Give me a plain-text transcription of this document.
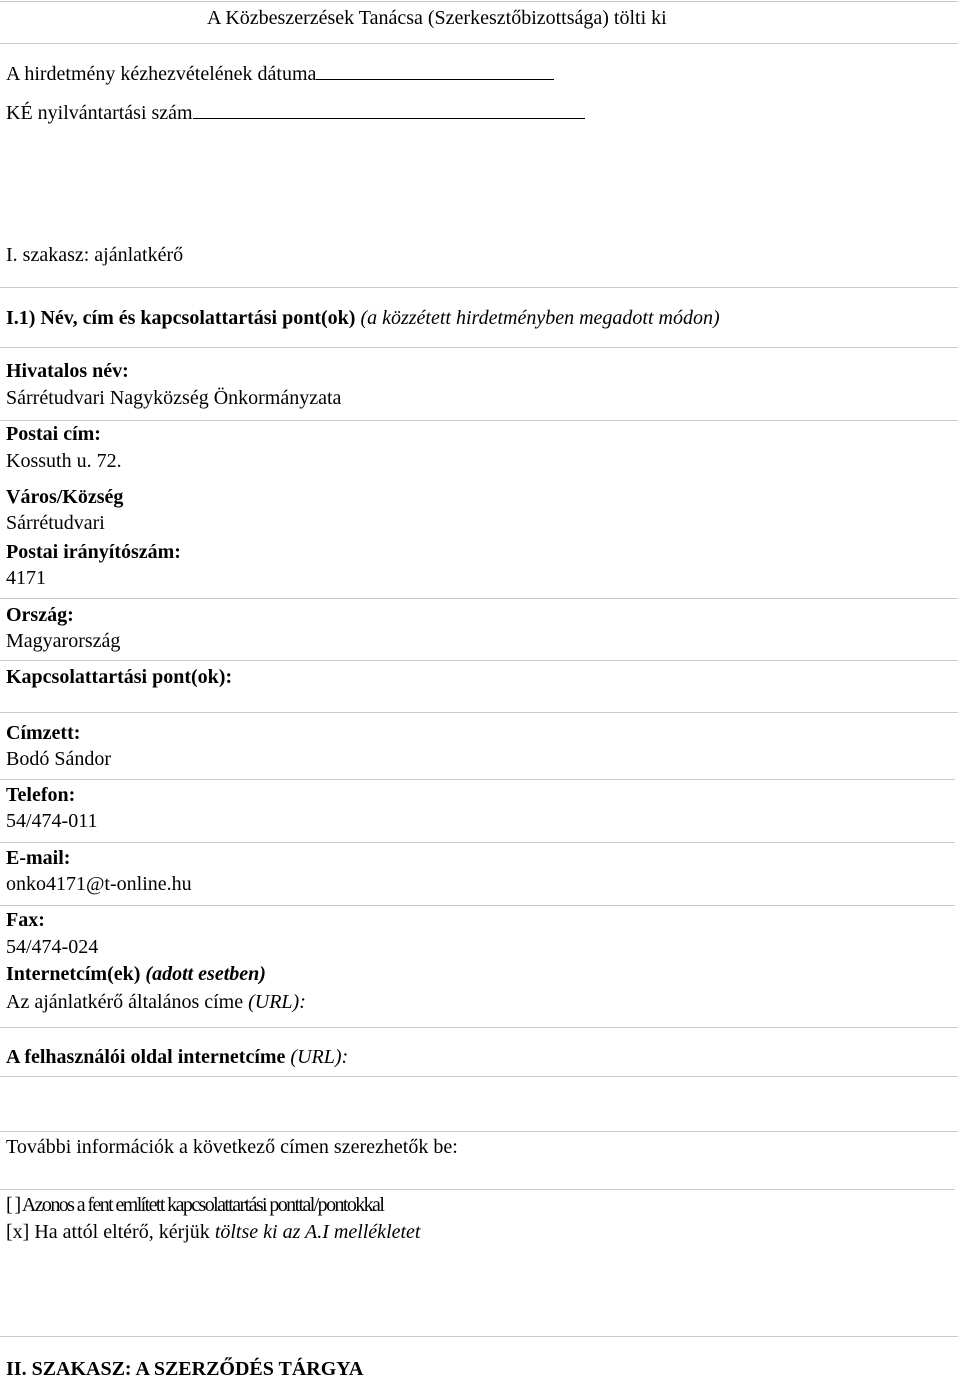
A Közbeszerzések Tanácsa (Szerkesztőbizottsága) tölti ki
A hirdetmény kézhezvételének dátuma
KÉ nyilvántartási szám
I. szakasz: ajánlatkérő
I.1) Név, cím és kapcsolattartási pont(ok) (a közzétett hirdetményben megadott módon)
Hivatalos név:
Sárrétudvari Nagyközség Önkormányzata
Postai cím:
Kossuth u. 72.
Város/Község
Sárrétudvari
Postai irányítószám:
4171
Ország:
Magyarország
Kapcsolattartási pont(ok):
Címzett:
Bodó Sándor
Telefon:
54/474-011
E-mail:
onko4171@t-online.hu
Fax:
54/474-024
Internetcím(ek) (adott esetben)
Az ajánlatkérő általános címe (URL):
A felhasználói oldal internetcíme (URL):
További információk a következő címen szerezhetők be:
[ ] Azonos a fent említett kapcsolattartási ponttal/pontokkal
[x] Ha attól eltérő, kérjük töltse ki az A.I mellékletet
II. SZAKASZ: A SZERZŐDÉS TÁRGYA
